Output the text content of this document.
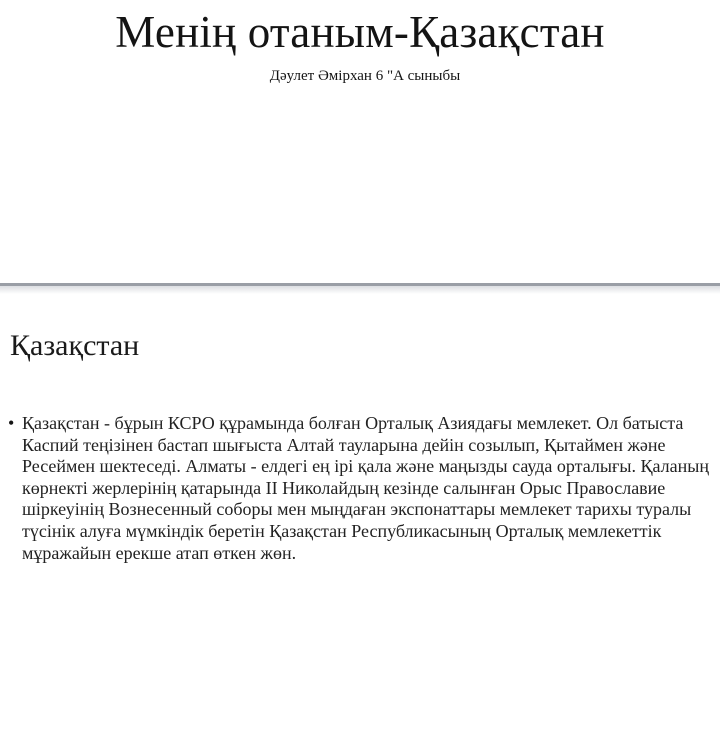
Менің отаным-Қазақстан

Дәулет Әмірхан 6 "А сыныбы

Қазақстан
• Қазақстан - бұрын КСРО құрамында болған Орталық Азиядағы мемлекет. Ол батыста Каспий теңізінен бастап шығыста Алтай тауларына дейін созылып, Қытаймен және Ресеймен шектеседі. Алматы - елдегі ең ірі қала және маңызды сауда орталығы. Қаланың көрнекті жерлерінің қатарында II Николайдың кезінде салынған Орыс Православие шіркеуінің Вознесенный соборы мен мыңдаған экспонаттары мемлекет тарихы туралы түсінік алуға мүмкіндік беретін Қазақстан Республикасының Орталық мемлекеттік мұражайын ерекше атап өткен жөн.
